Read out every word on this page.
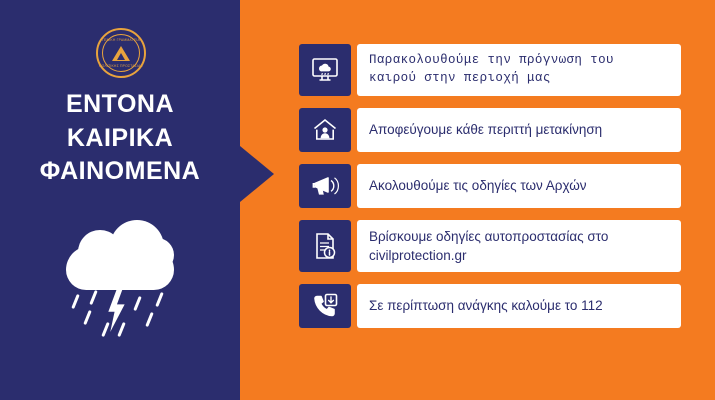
ΓΕΝΙΚΗ ΓΡΑΜΜΑΤΕΙΑ
ΠΟΛΙΤΙΚΗΣ ΠΡΟΣΤΑΣΙΑΣ
ΕΝΤΟΝΑ
ΚΑΙΡΙΚΑ
ΦΑΙΝΟΜΕΝΑ
Παρακολουθούμε την πρόγνωση του καιρού στην περιοχή μας
Αποφεύγουμε κάθε περιττή μετακίνηση
Ακολουθούμε τις οδηγίες των Αρχών
Βρίσκουμε οδηγίες αυτοπροστασίας στο civilprotection.gr
Σε περίπτωση ανάγκης καλούμε το 112
